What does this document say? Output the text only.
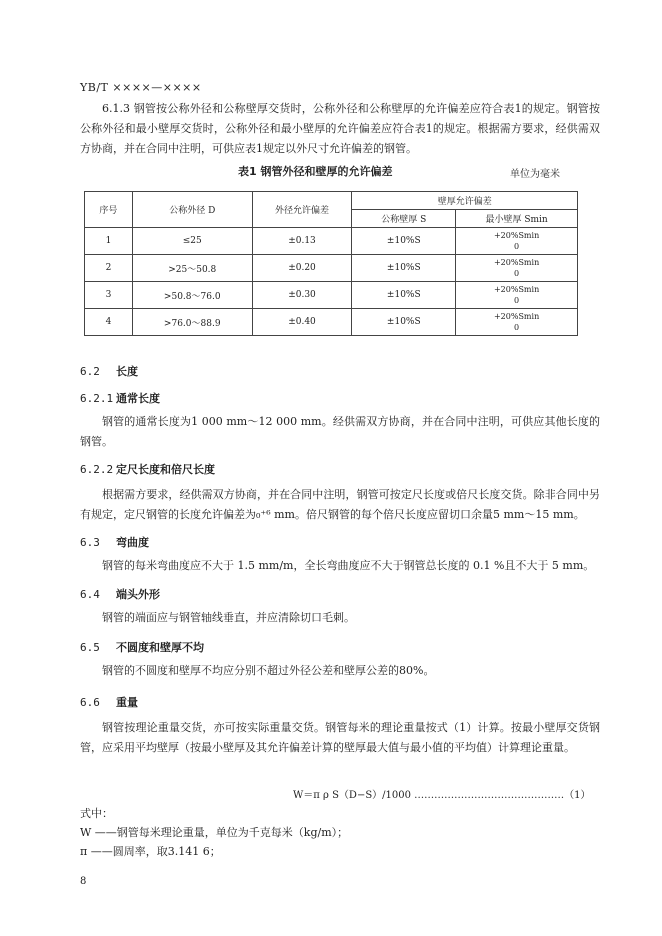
YB/T ××××—××××

6.1.3 钢管按公称外径和公称壁厚交货时，公称外径和公称壁厚的允许偏差应符合表1的规定。钢管按公称外径和最小壁厚交货时，公称外径和最小壁厚的允许偏差应符合表1的规定。根据需方要求，经供需双方协商，并在合同中注明，可供应表1规定以外尺寸允许偏差的钢管。

表1 钢管外径和壁厚的允许偏差	单位为毫米
序号	公称外径 D	外径允许偏差	壁厚允许偏差	
			公称壁厚 S	最小壁厚 Smin
1	≤25	±0.13	±10%S	+20%Smin
0

2	>25～50.8	±0.20	±10%S	+20%Smin
0

3	>50.8～76.0	±0.30	±10%S	+20%Smin
0

4	>76.0～88.9	±0.40	±10%S	+20%Smin
0
6.2 长度
6.2.1 通常长度

钢管的通常长度为1 000 mm～12 000 mm。经供需双方协商，并在合同中注明，可供应其他长度的钢管。

6.2.2 定尺长度和倍尺长度

根据需方要求，经供需双方协商，并在合同中注明，钢管可按定尺长度或倍尺长度交货。除非合同中另有规定，定尺钢管的长度允许偏差为₀⁺⁶ mm。倍尺钢管的每个倍尺长度应留切口余量5 mm～15 mm。

6.3 弯曲度

钢管的每米弯曲度应不大于 1.5 mm/m，全长弯曲度应不大于钢管总长度的 0.1 %且不大于 5 mm。

6.4 端头外形

钢管的端面应与钢管轴线垂直，并应清除切口毛刺。

6.5 不圆度和壁厚不均

钢管的不圆度和壁厚不均应分别不超过外径公差和壁厚公差的80%。

6.6 重量

钢管按理论重量交货，亦可按实际重量交货。钢管每米的理论重量按式（1）计算。按最小壁厚交货钢管，应采用平均壁厚（按最小壁厚及其允许偏差计算的壁厚最大值与最小值的平均值）计算理论重量。

W＝π ρ S（D−S）/1000 ………………………………………（1）
式中：
W ——钢管每米理论重量，单位为千克每米（kg/m）；
π ——圆周率，取3.141 6；
8
